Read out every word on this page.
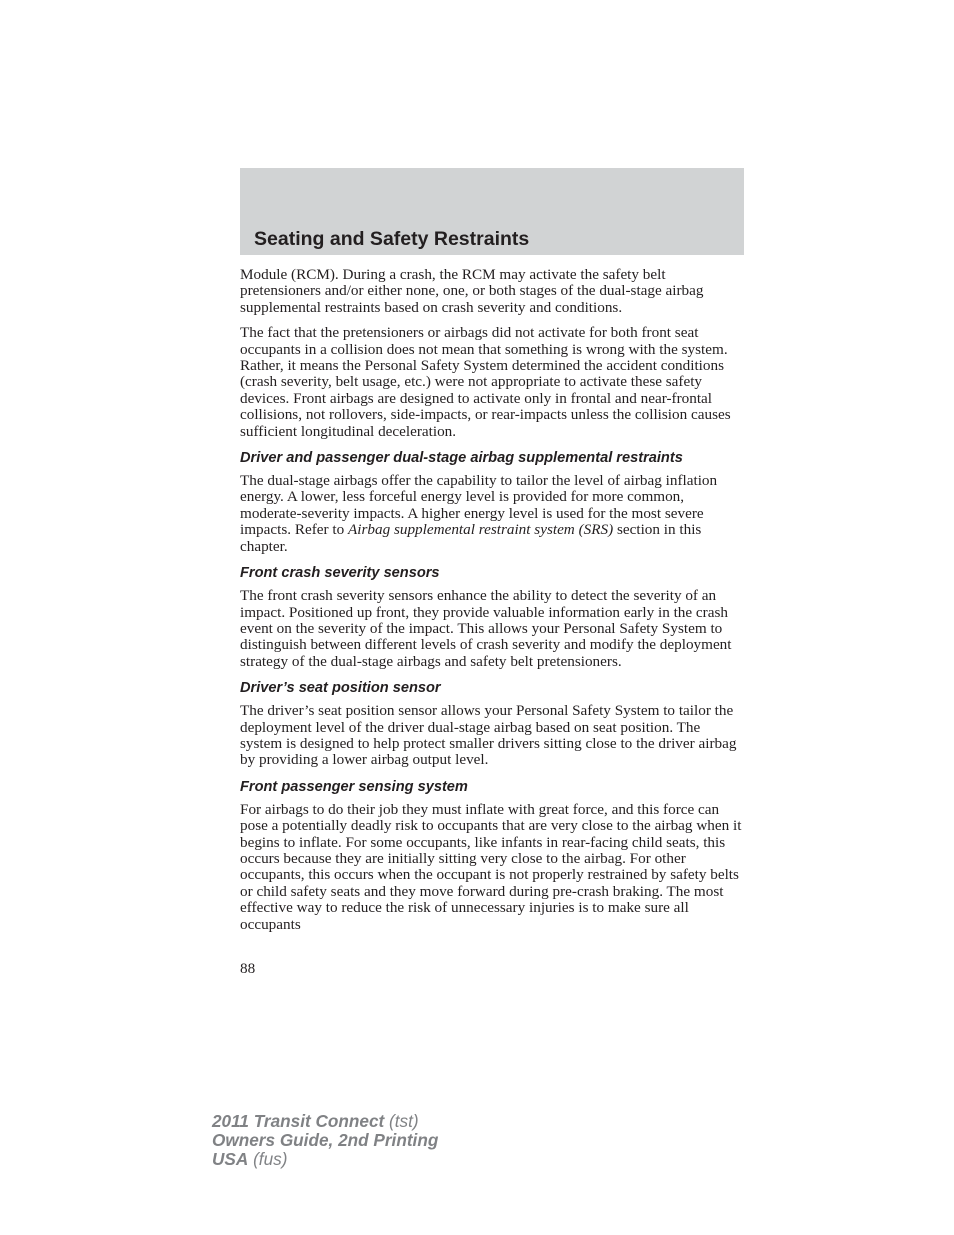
Seating and Safety Restraints

Module (RCM). During a crash, the RCM may activate the safety belt pretensioners and/or either none, one, or both stages of the dual-stage airbag supplemental restraints based on crash severity and conditions.

The fact that the pretensioners or airbags did not activate for both front seat occupants in a collision does not mean that something is wrong with the system. Rather, it means the Personal Safety System determined the accident conditions (crash severity, belt usage, etc.) were not appropriate to activate these safety devices. Front airbags are designed to activate only in frontal and near-frontal collisions, not rollovers, side-impacts, or rear-impacts unless the collision causes sufficient longitudinal deceleration.

Driver and passenger dual-stage airbag supplemental restraints

The dual-stage airbags offer the capability to tailor the level of airbag inflation energy. A lower, less forceful energy level is provided for more common, moderate-severity impacts. A higher energy level is used for the most severe impacts. Refer to Airbag supplemental restraint system (SRS) section in this chapter.

Front crash severity sensors

The front crash severity sensors enhance the ability to detect the severity of an impact. Positioned up front, they provide valuable information early in the crash event on the severity of the impact. This allows your Personal Safety System to distinguish between different levels of crash severity and modify the deployment strategy of the dual-stage airbags and safety belt pretensioners.

Driver’s seat position sensor

The driver’s seat position sensor allows your Personal Safety System to tailor the deployment level of the driver dual-stage airbag based on seat position. The system is designed to help protect smaller drivers sitting close to the driver airbag by providing a lower airbag output level.

Front passenger sensing system

For airbags to do their job they must inflate with great force, and this force can pose a potentially deadly risk to occupants that are very close to the airbag when it begins to inflate. For some occupants, like infants in rear-facing child seats, this occurs because they are initially sitting very close to the airbag. For other occupants, this occurs when the occupant is not properly restrained by safety belts or child safety seats and they move forward during pre-crash braking. The most effective way to reduce the risk of unnecessary injuries is to make sure all occupants

88
2011 Transit Connect (tst)
Owners Guide, 2nd Printing
USA (fus)
